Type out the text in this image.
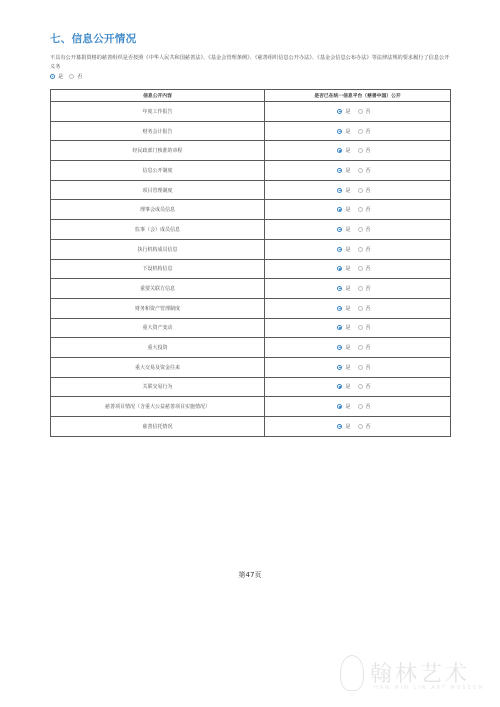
七、信息公开情况
不具有公开募捐资格的慈善组织是否按照《中华人民共和国慈善法》、《基金会管理条例》、《慈善组织信息公开办法》、《基金会信息公布办法》等法律法规的要求履行了信息公开义务
是	否
信息公开内容	是否已在统一信息平台（慈善中国）公开
年度工作报告	是 否

财务会计报告	是 否

经民政部门核准的章程	是 否

信息公开制度	是 否

项目管理制度	是 否

理事会成员信息	是 否

监事（会）成员信息	是 否

执行机构成员信息	是 否

下设机构信息	是 否

重要关联方信息	是 否

财务和资产管理制度	是 否

重大资产变动	是 否

重大投资	是 否

重大交易及资金往来	是 否

关联交易行为	是 否

慈善项目情况（含重大公益慈善项目实施情况）	是 否

慈善信托情况	是 否
第47页
翰林艺术
HAN MIN LIN ART MUSEUM
